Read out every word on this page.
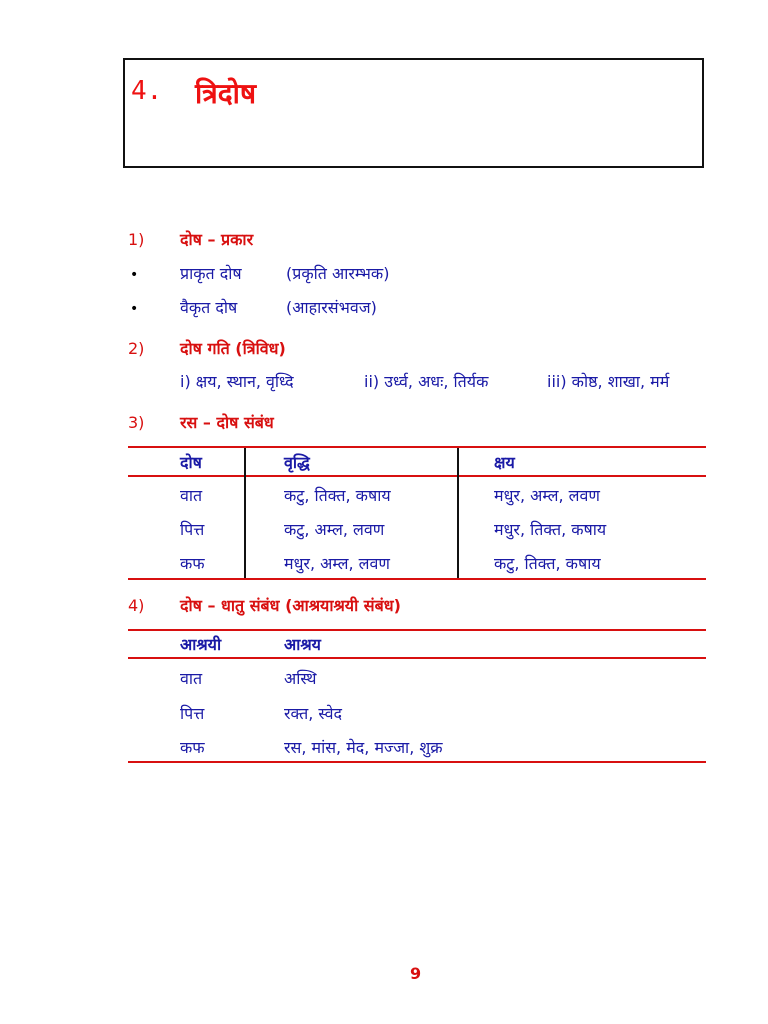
4. त्रिदोष
1) दोष – प्रकार
•	प्राकृत दोष	(प्रकृति आरम्भक)
•	वैकृत दोष	(आहारसंभवज)
2) दोष गति (त्रिविध)
i) क्षय, स्थान, वृध्दि	ii) उर्ध्व, अधः, तिर्यक	iii) कोष्ठ, शाखा, मर्म
3) रस – दोष संबंध
दोष	वृद्धि	क्षय
वात	कटु, तिक्त, कषाय	मधुर, अम्ल, लवण
पित्त	कटु, अम्ल, लवण	मधुर, तिक्त, कषाय
कफ	मधुर, अम्ल, लवण	कटु, तिक्त, कषाय
4) दोष – धातु संबंध (आश्रयाश्रयी संबंध)
आश्रयी	आश्रय
वात	अस्थि
पित्त	रक्त, स्वेद
कफ	रस, मांस, मेद, मज्जा, शुक्र
9
